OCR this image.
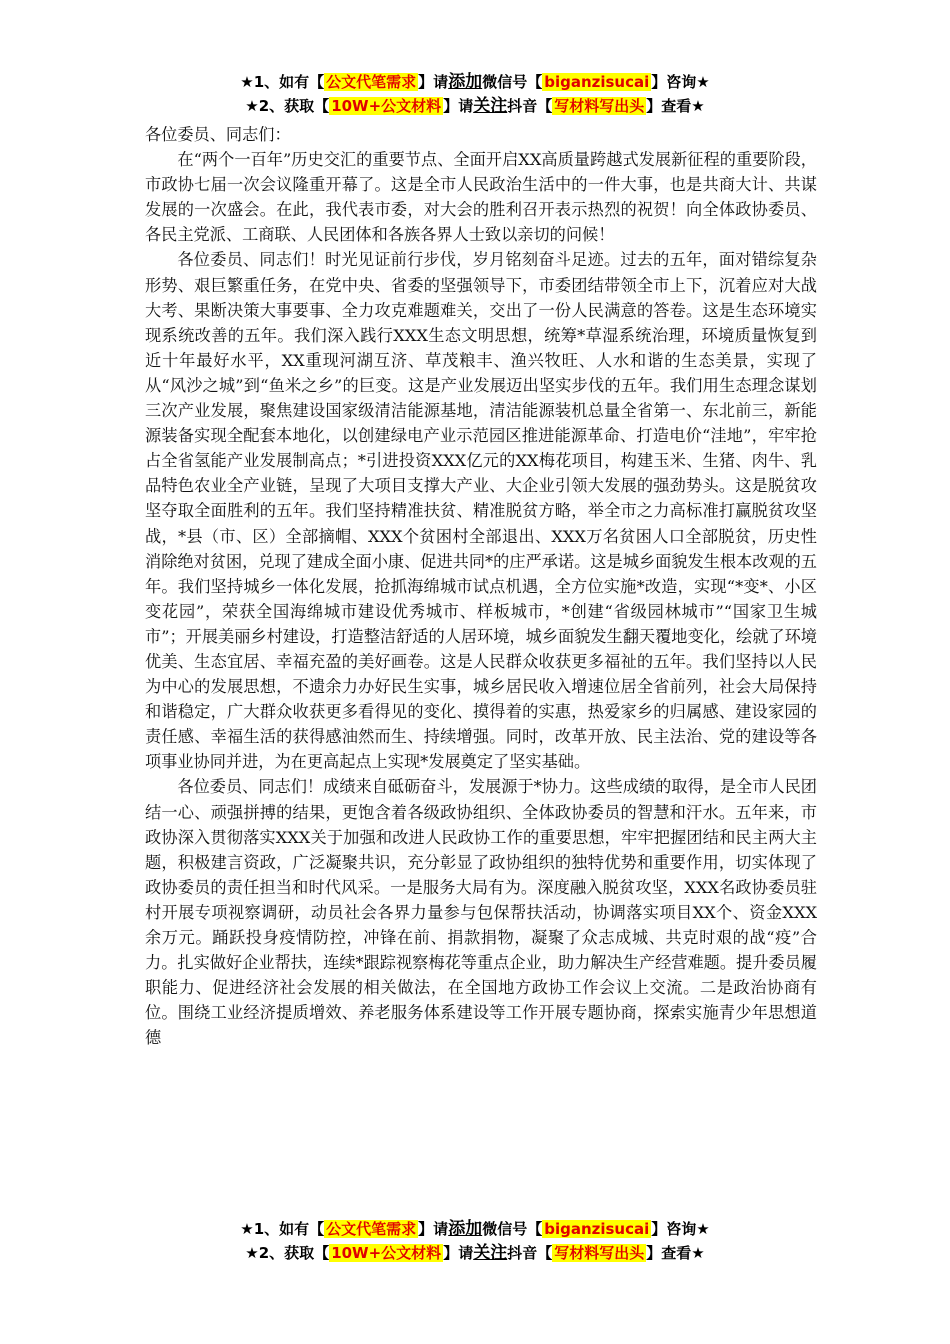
★1、如有【 公文代笔需求 】请添加微信号【 biganzisucai 】咨询★
★2、获取【 10W+公文材料 】请关注抖音【 写材料写出头 】查看★

各位委员、同志们：

在“两个一百年”历史交汇的重要节点、全面开启XX高质量跨越式发展新征程的重要阶段，市政协七届一次会议隆重开幕了。这是全市人民政治生活中的一件大事，也是共商大计、共谋发展的一次盛会。在此，我代表市委，对大会的胜利召开表示热烈的祝贺！向全体政协委员、各民主党派、工商联、人民团体和各族各界人士致以亲切的问候！

各位委员、同志们！时光见证前行步伐，岁月铭刻奋斗足迹。过去的五年，面对错综复杂形势、艰巨繁重任务，在党中央、省委的坚强领导下，市委团结带领全市上下，沉着应对大战大考、果断决策大事要事、全力攻克难题难关，交出了一份人民满意的答卷。这是生态环境实现系统改善的五年。我们深入践行XXX生态文明思想，统筹*草湿系统治理，环境质量恢复到近十年最好水平，XX重现河湖互济、草茂粮丰、渔兴牧旺、人水和谐的生态美景，实现了从“风沙之城”到“鱼米之乡”的巨变。这是产业发展迈出坚实步伐的五年。我们用生态理念谋划三次产业发展，聚焦建设国家级清洁能源基地，清洁能源装机总量全省第一、东北前三，新能源装备实现全配套本地化，以创建绿电产业示范园区推进能源革命、打造电价“洼地”，牢牢抢占全省氢能产业发展制高点；*引进投资XXX亿元的XX梅花项目，构建玉米、生猪、肉牛、乳品特色农业全产业链，呈现了大项目支撑大产业、大企业引领大发展的强劲势头。这是脱贫攻坚夺取全面胜利的五年。我们坚持精准扶贫、精准脱贫方略，举全市之力高标准打赢脱贫攻坚战，*县（市、区）全部摘帽、XXX个贫困村全部退出、XXX万名贫困人口全部脱贫，历史性消除绝对贫困，兑现了建成全面小康、促进共同*的庄严承诺。这是城乡面貌发生根本改观的五年。我们坚持城乡一体化发展，抢抓海绵城市试点机遇，全方位实施*改造，实现“*变*、小区变花园”，荣获全国海绵城市建设优秀城市、样板城市，*创建“省级园林城市”“国家卫生城市”；开展美丽乡村建设，打造整洁舒适的人居环境，城乡面貌发生翻天覆地变化，绘就了环境优美、生态宜居、幸福充盈的美好画卷。这是人民群众收获更多福祉的五年。我们坚持以人民为中心的发展思想，不遗余力办好民生实事，城乡居民收入增速位居全省前列，社会大局保持和谐稳定，广大群众收获更多看得见的变化、摸得着的实惠，热爱家乡的归属感、建设家园的责任感、幸福生活的获得感油然而生、持续增强。同时，改革开放、民主法治、党的建设等各项事业协同并进，为在更高起点上实现*发展奠定了坚实基础。

各位委员、同志们！成绩来自砥砺奋斗，发展源于*协力。这些成绩的取得，是全市人民团结一心、顽强拼搏的结果，更饱含着各级政协组织、全体政协委员的智慧和汗水。五年来，市政协深入贯彻落实XXX关于加强和改进人民政协工作的重要思想，牢牢把握团结和民主两大主题，积极建言资政，广泛凝聚共识，充分彰显了政协组织的独特优势和重要作用，切实体现了政协委员的责任担当和时代风采。一是服务大局有为。深度融入脱贫攻坚，XXX名政协委员驻村开展专项视察调研，动员社会各界力量参与包保帮扶活动，协调落实项目XX个、资金XXX余万元。踊跃投身疫情防控，冲锋在前、捐款捐物，凝聚了众志成城、共克时艰的战“疫”合力。扎实做好企业帮扶，连续*跟踪视察梅花等重点企业，助力解决生产经营难题。提升委员履职能力、促进经济社会发展的相关做法，在全国地方政协工作会议上交流。二是政治协商有位。围绕工业经济提质增效、养老服务体系建设等工作开展专题协商，探索实施青少年思想道德

★1、如有【 公文代笔需求 】请添加微信号【 biganzisucai 】咨询★
★2、获取【 10W+公文材料 】请关注抖音【 写材料写出头 】查看★
